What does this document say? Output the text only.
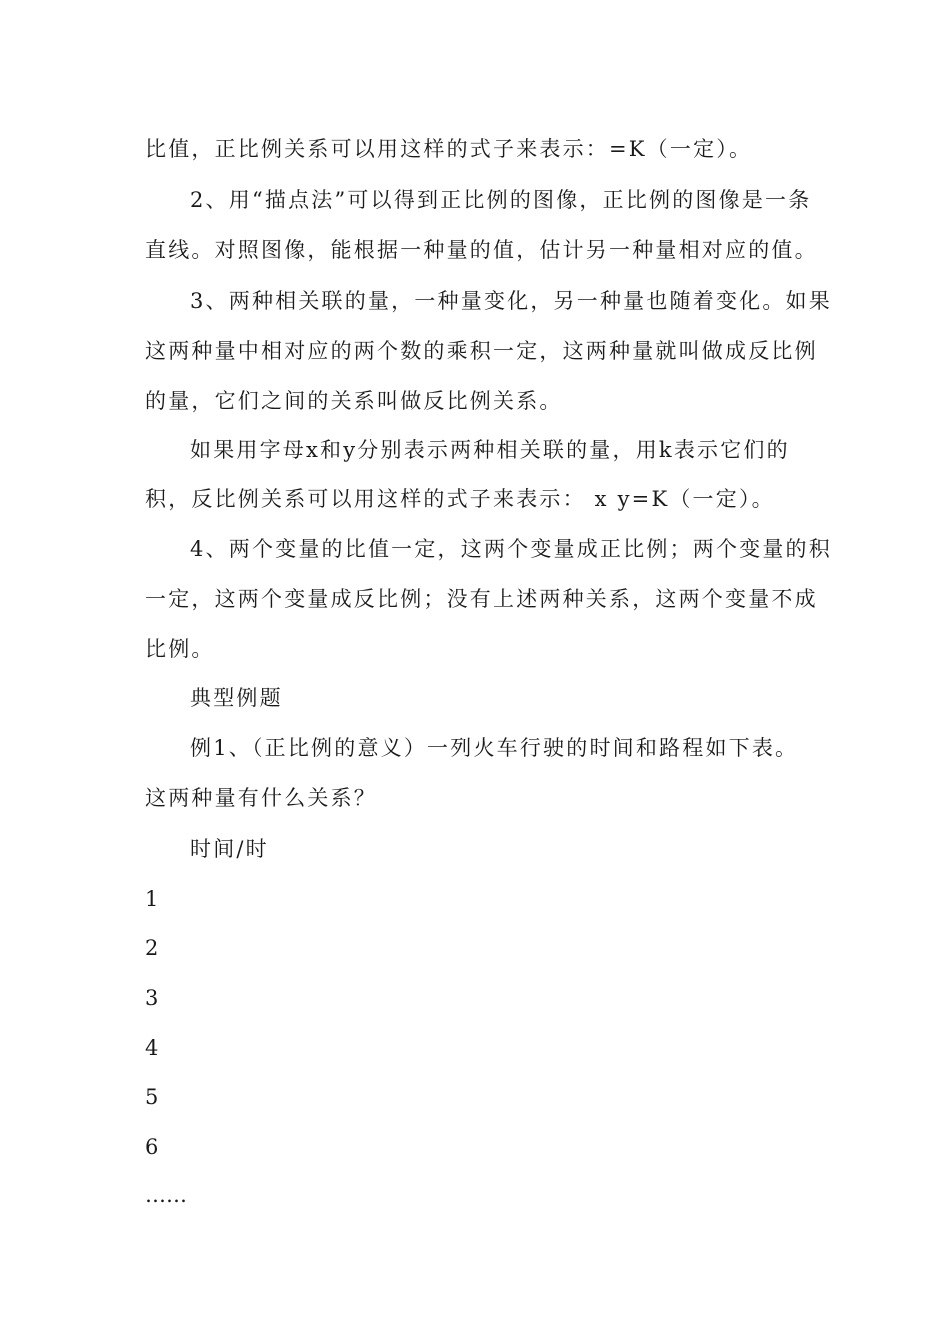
比值，正比例关系可以用这样的式子来表示：=K（一定）。
2、用“描点法”可以得到正比例的图像，正比例的图像是一条
直线。对照图像，能根据一种量的值，估计另一种量相对应的值。
3、两种相关联的量，一种量变化，另一种量也随着变化。如果
这两种量中相对应的两个数的乘积一定，这两种量就叫做成反比例
的量，它们之间的关系叫做反比例关系。
如果用字母x和y分别表示两种相关联的量，用k表示它们的
积，反比例关系可以用这样的式子来表示： x y=K（一定）。
4、两个变量的比值一定，这两个变量成正比例；两个变量的积
一定，这两个变量成反比例；没有上述两种关系，这两个变量不成
比例。
典型例题
例1、（正比例的意义）一列火车行驶的时间和路程如下表。
这两种量有什么关系？
时间/时
1
2
3
4
5
6
……
